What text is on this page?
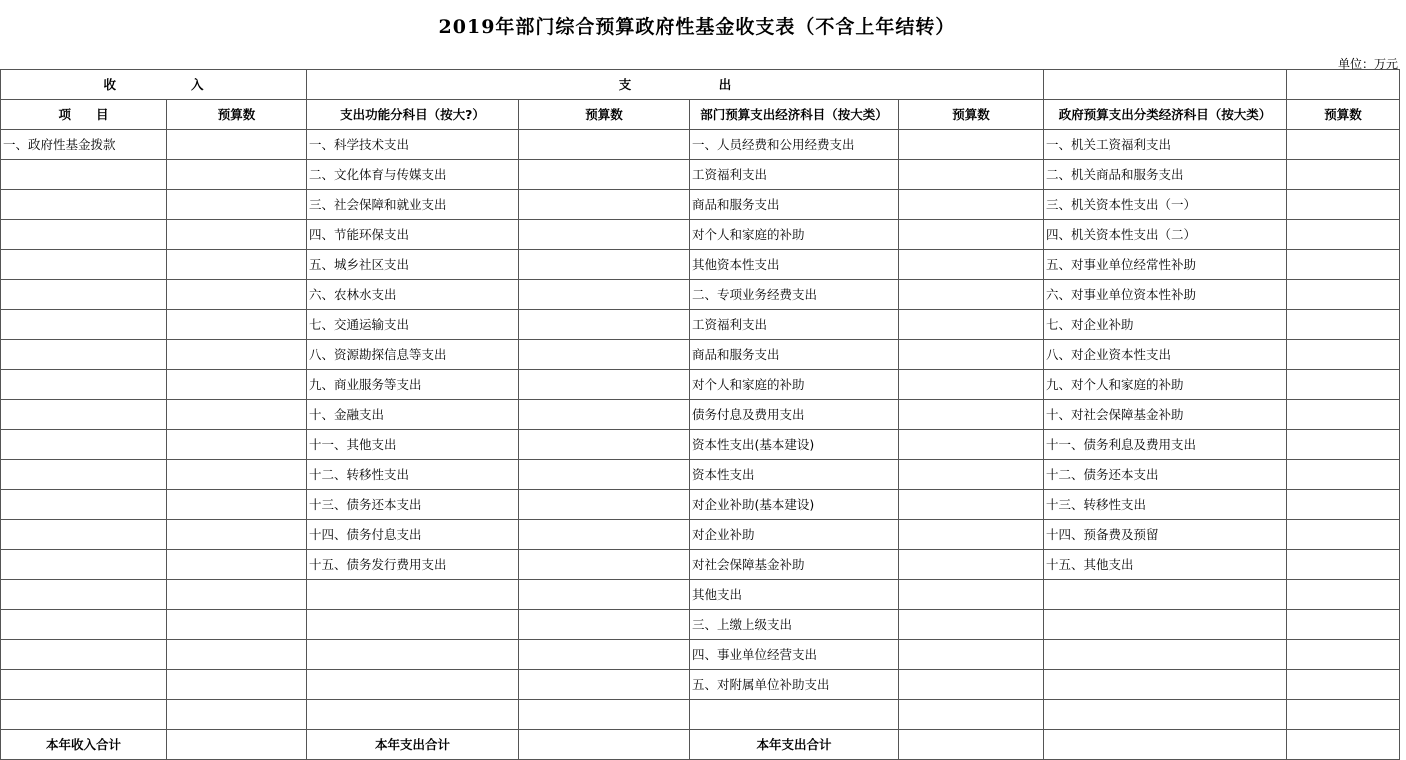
2019年部门综合预算政府性基金收支表（不含上年结转）
单位：万元
收　　　　　　入		支　　　　　　　出					
项　　目	预算数	支出功能分科目（按大?）	预算数	部门预算支出经济科目（按大类）	预算数	政府预算支出分类经济科目（按大类）	预算数
一、政府性基金拨款		一、科学技术支出		一、人员经费和公用经费支出		一、机关工资福利支出	
		二、文化体育与传媒支出		工资福利支出		二、机关商品和服务支出	
		三、社会保障和就业支出		商品和服务支出		三、机关资本性支出（一）	
		四、节能环保支出		对个人和家庭的补助		四、机关资本性支出（二）	
		五、城乡社区支出		其他资本性支出		五、对事业单位经常性补助	
		六、农林水支出		二、专项业务经费支出		六、对事业单位资本性补助	
		七、交通运输支出		工资福利支出		七、对企业补助	
		八、资源勘探信息等支出		商品和服务支出		八、对企业资本性支出	
		九、商业服务等支出		对个人和家庭的补助		九、对个人和家庭的补助	
		十、金融支出		债务付息及费用支出		十、对社会保障基金补助	
		十一、其他支出		资本性支出(基本建设)		十一、债务利息及费用支出	
		十二、转移性支出		资本性支出		十二、债务还本支出	
		十三、债务还本支出		对企业补助(基本建设)		十三、转移性支出	
		十四、债务付息支出		对企业补助		十四、预备费及预留	
		十五、债务发行费用支出		对社会保障基金补助		十五、其他支出	
				其他支出			
				三、上缴上级支出			
				四、事业单位经营支出			
				五、对附属单位补助支出			

本年收入合计		本年支出合计		本年支出合计			
